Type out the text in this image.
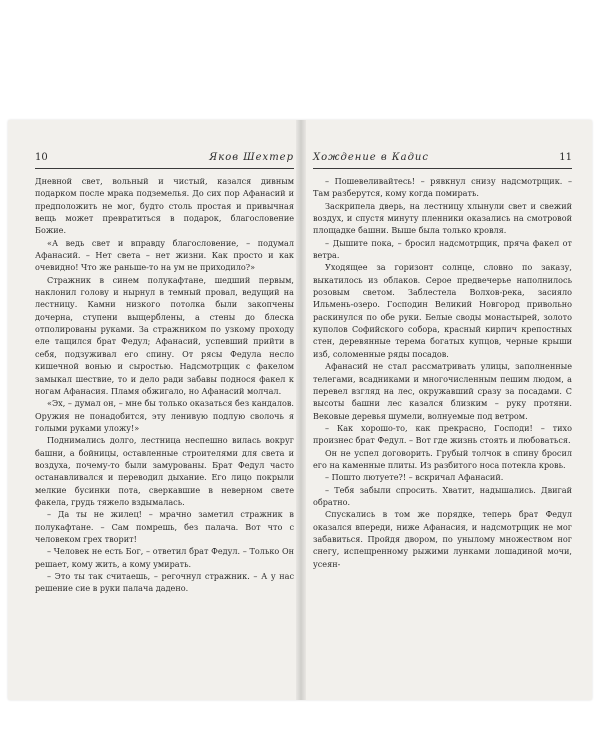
10	Яков Шехтер

Дневной свет, вольный и чистый, казался дивным подарком после мрака подземелья. До сих пор Афанасий и предположить не мог, будто столь простая и привычная вещь может превратиться в подарок, благословение Божие.

«А ведь свет и вправду благословение, – подумал Афанасий. – Нет света – нет жизни. Как просто и как очевидно! Что же раньше-то на ум не приходило?»

Стражник в синем полукафтане, шедший первым, наклонил голову и нырнул в темный провал, ведущий на лестницу. Камни низкого потолка были закопчены дочерна, ступени выщерблены, а стены до блеска отполированы руками. За стражником по узкому проходу еле тащился брат Федул; Афанасий, успевший прийти в себя, подзуживал его спину. От рясы Федула несло кишечной вонью и сыростью. Надсмотрщик с факелом замыкал шествие, то и дело ради забавы поднося факел к ногам Афанасия. Пламя обжигало, но Афанасий молчал.

«Эх, – думал он, – мне бы только оказаться без кандалов. Оружия не понадобится, эту ленивую подлую сволочь я голыми руками уложу!»

Поднимались долго, лестница неспешно вилась вокруг башни, а бойницы, оставленные строителями для света и воздуха, почему-то были замурованы. Брат Федул часто останавливался и переводил дыхание. Его лицо покрыли мелкие бусинки пота, сверкавшие в неверном свете факела, грудь тяжело вздымалась.

– Да ты не жилец! – мрачно заметил стражник в полукафтане. – Сам помрешь, без палача. Вот что с человеком грех творит!

– Человек не есть Бог, – ответил брат Федул. – Только Он решает, кому жить, а кому умирать.

– Это ты так считаешь, – регочнул стражник. – А у нас решение сие в руки палача дадено.

Хождение в Кадис	11

– Пошевеливайтесь! – рявкнул снизу надсмотрщик. – Там разберутся, кому когда помирать.

Заскрипела дверь, на лестницу хлынули свет и свежий воздух, и спустя минуту пленники оказались на смотровой площадке башни. Выше была только кровля.

– Дышите пока, – бросил надсмотрщик, пряча факел от ветра.

Уходящее за горизонт солнце, словно по заказу, выкатилось из облаков. Серое предвечерье наполнилось розовым светом. Заблестела Волхов-река, засияло Ильмень-озеро. Господин Великий Новгород привольно раскинулся по обе руки. Белые своды монастырей, золото куполов Софийского собора, красный кирпич крепостных стен, деревянные терема богатых купцов, черные крыши изб, соломенные ряды посадов.

Афанасий не стал рассматривать улицы, заполненные телегами, всадниками и многочисленным пешим людом, а перевел взгляд на лес, окружавший сразу за посадами. С высоты башни лес казался близким – руку протяни. Вековые деревья шумели, волнуемые под ветром.

– Как хорошо-то, как прекрасно, Господи! – тихо произнес брат Федул. – Вот где жизнь стоять и любоваться.

Он не успел договорить. Грубый толчок в спину бросил его на каменные плиты. Из разбитого носа потекла кровь.

– Пошто лютуете?! – вскричал Афанасий.

– Тебя забыли спросить. Хватит, надышались. Двигай обратно.

Спускались в том же порядке, теперь брат Федул оказался впереди, ниже Афанасия, и надсмотрщик не мог забавиться. Пройдя двором, по унылому множеством ног снегу, испещренному рыжими лунками лошадиной мочи, усеян-
